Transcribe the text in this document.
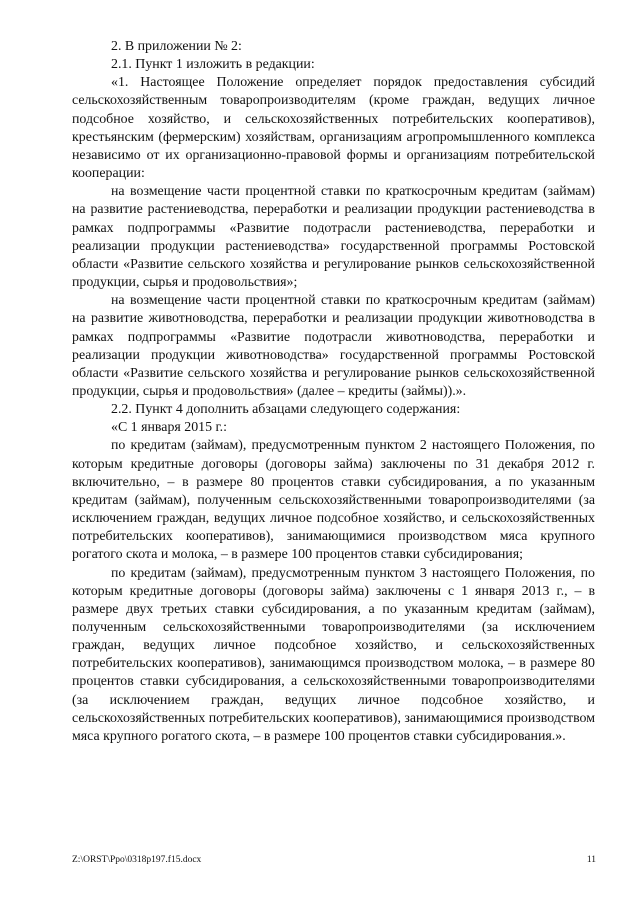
2. В приложении № 2:

2.1. Пункт 1 изложить в редакции:

«1. Настоящее Положение определяет порядок предоставления субсидий сельскохозяйственным товаропроизводителям (кроме граждан, ведущих личное подсобное хозяйство, и сельскохозяйственных потребительских кооперативов), крестьянским (фермерским) хозяйствам, организациям агропромышленного комплекса независимо от их организационно-правовой формы и организациям потребительской кооперации:

на возмещение части процентной ставки по краткосрочным кредитам (займам) на развитие растениеводства, переработки и реализации продукции растениеводства в рамках подпрограммы «Развитие подотрасли растениеводства, переработки и реализации продукции растениеводства» государственной программы Ростовской области «Развитие сельского хозяйства и регулирование рынков сельскохозяйственной продукции, сырья и продовольствия»;

на возмещение части процентной ставки по краткосрочным кредитам (займам) на развитие животноводства, переработки и реализации продукции животноводства в рамках подпрограммы «Развитие подотрасли животноводства, переработки и реализации продукции животноводства» государственной программы Ростовской области «Развитие сельского хозяйства и регулирование рынков сельскохозяйственной продукции, сырья и продовольствия» (далее – кредиты (займы)).».

2.2. Пункт 4 дополнить абзацами следующего содержания:

«С 1 января 2015 г.:

по кредитам (займам), предусмотренным пунктом 2 настоящего Положения, по которым кредитные договоры (договоры займа) заключены по 31 декабря 2012 г. включительно, – в размере 80 процентов ставки субсидирования, а по указанным кредитам (займам), полученным сельскохозяйственными товаропроизводителями (за исключением граждан, ведущих личное подсобное хозяйство, и сельскохозяйственных потребительских кооперативов), занимающимися производством мяса крупного рогатого скота и молока, – в размере 100 процентов ставки субсидирования;

по кредитам (займам), предусмотренным пунктом 3 настоящего Положения, по которым кредитные договоры (договоры займа) заключены с 1 января 2013 г., – в размере двух третьих ставки субсидирования, а по указанным кредитам (займам), полученным сельскохозяйственными товаропроизводителями (за исключением граждан, ведущих личное подсобное хозяйство, и сельскохозяйственных потребительских кооперативов), занимающимся производством молока, – в размере 80 процентов ставки субсидирования, а сельскохозяйственными товаропроизводителями (за исключением граждан, ведущих личное подсобное хозяйство, и сельскохозяйственных потребительских кооперативов), занимающимися производством мяса крупного рогатого скота, – в размере 100 процентов ставки субсидирования.».

Z:\ORST\Ppo\0318p197.f15.docx	11
